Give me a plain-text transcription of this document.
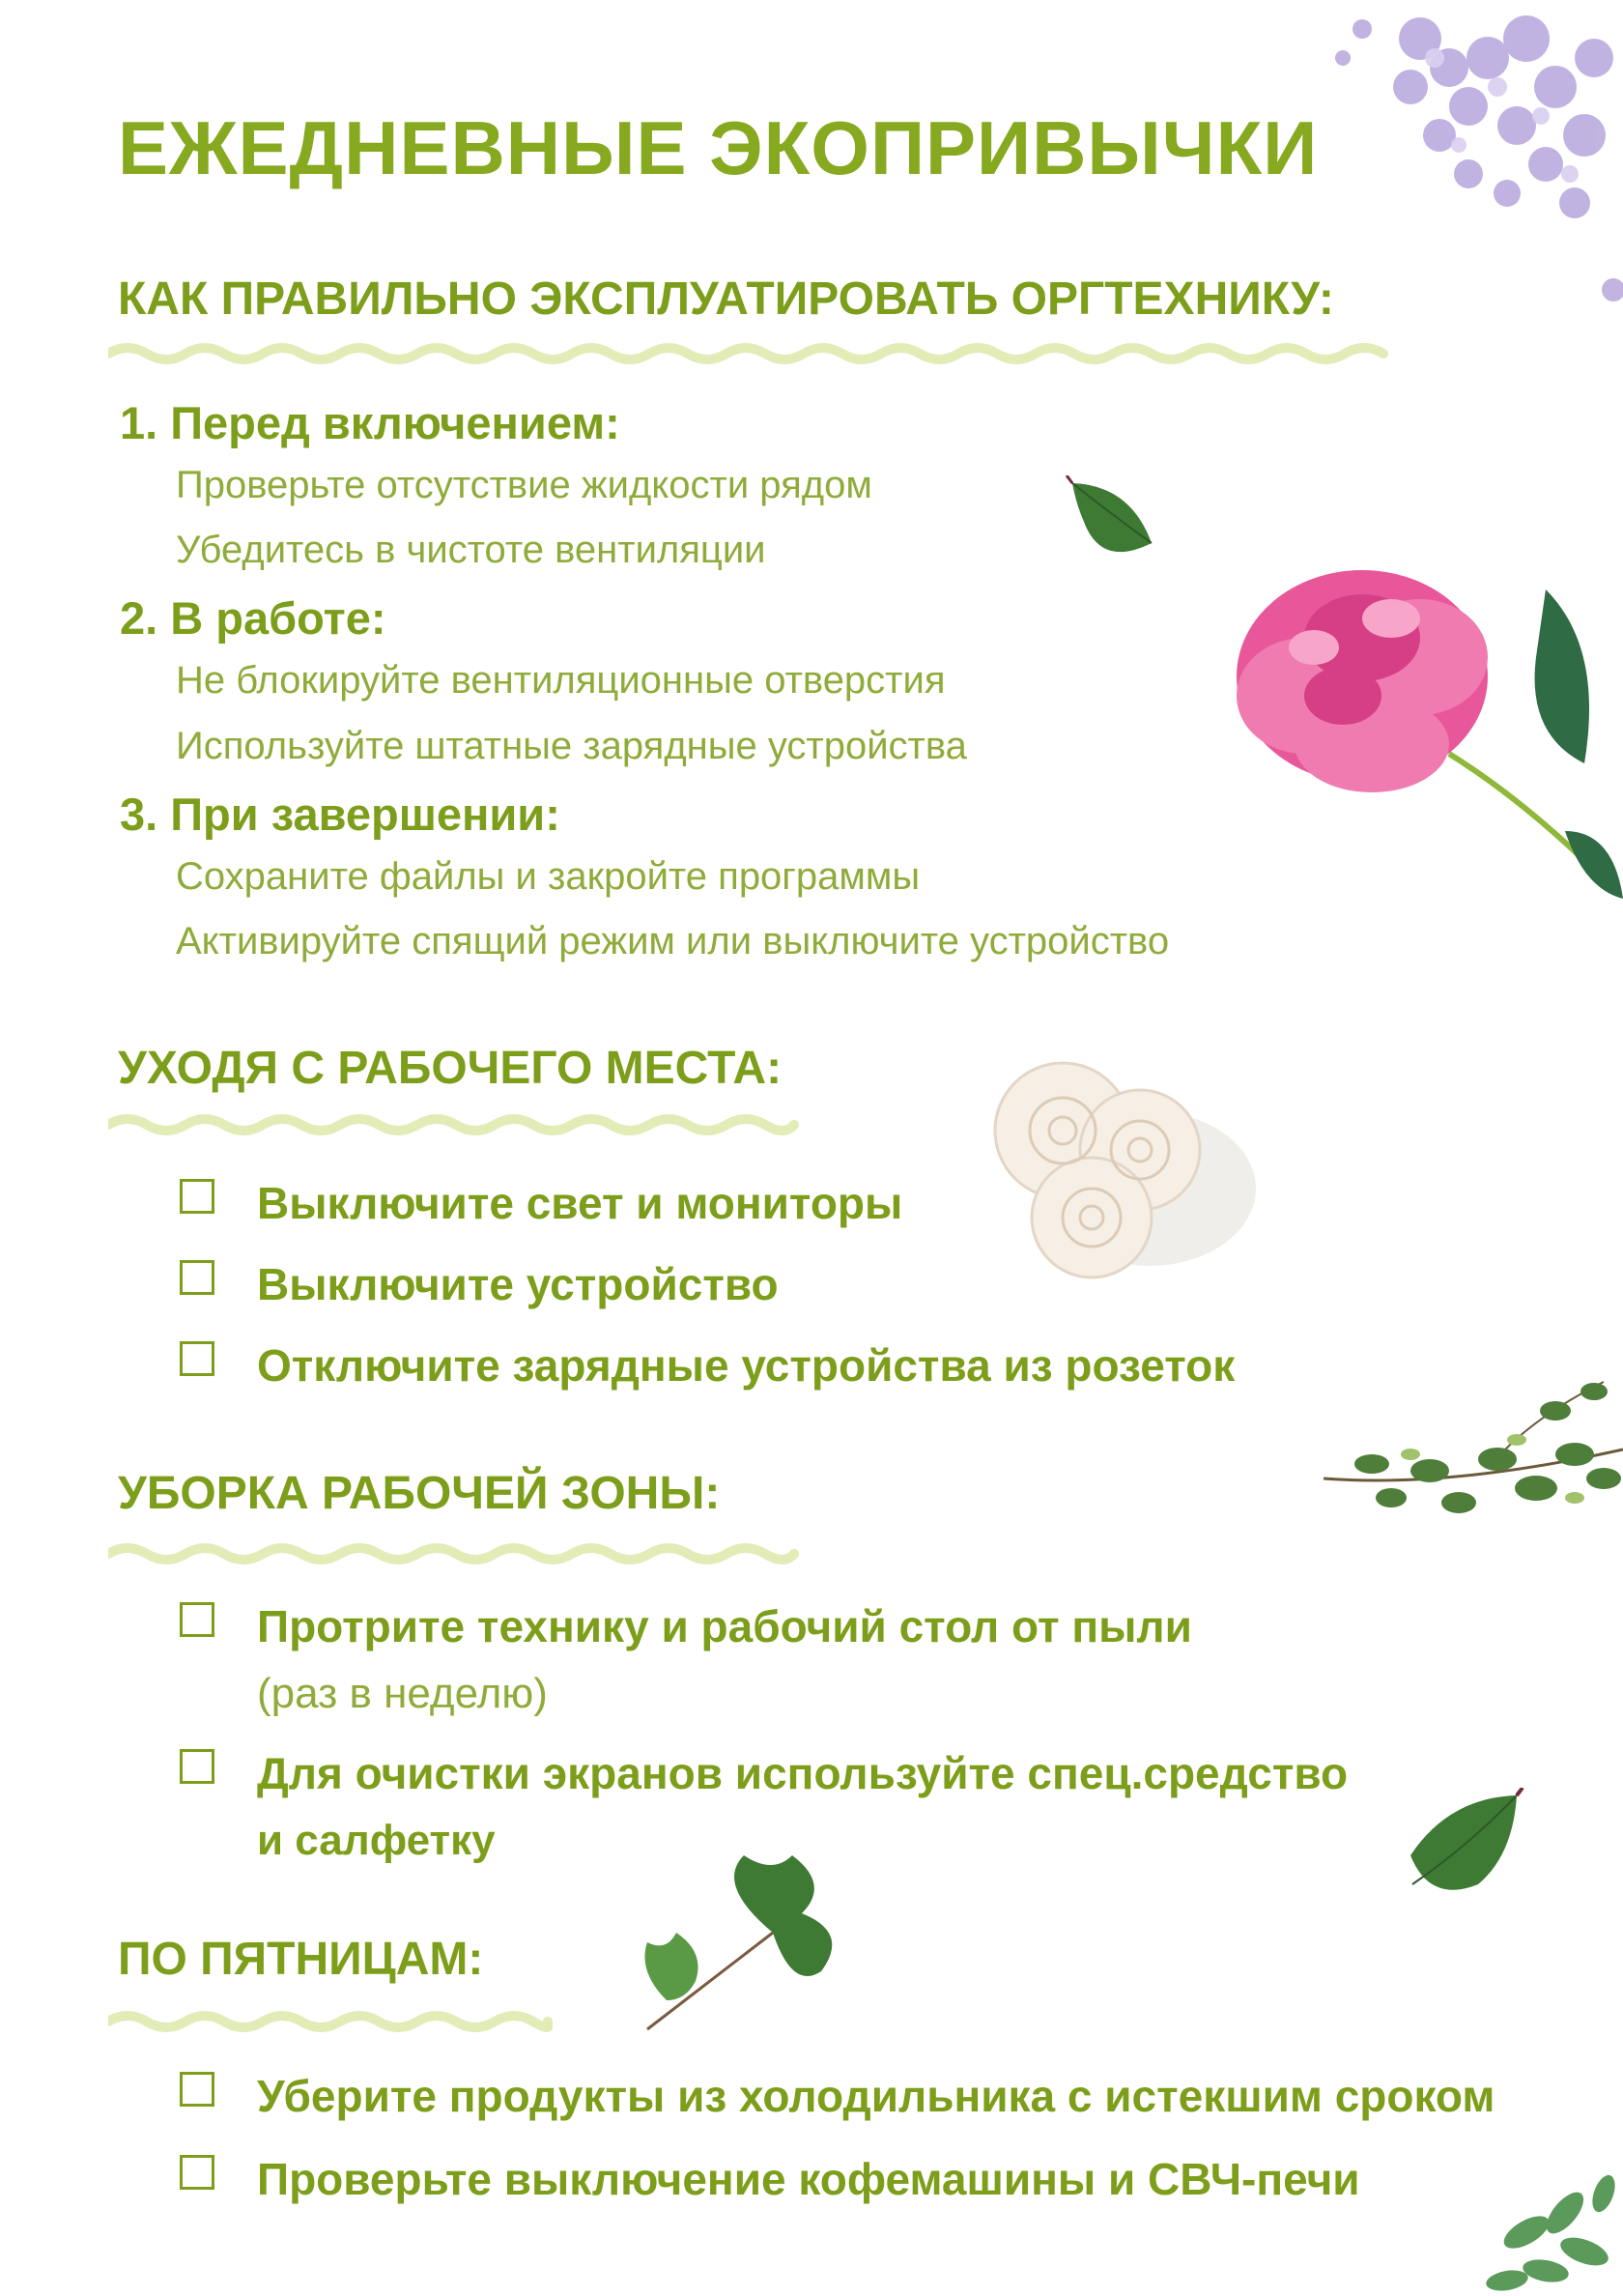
ЕЖЕДНЕВНЫЕ ЭКОПРИВЫЧКИ
КАК ПРАВИЛЬНО ЭКСПЛУАТИРОВАТЬ ОРГТЕХНИКУ:

1. Перед включением:

Проверьте отсутствие жидкости рядом

Убедитесь в чистоте вентиляции

2. В работе:

Не блокируйте вентиляционные отверстия

Используйте штатные зарядные устройства

3. При завершении:

Сохраните файлы и закройте программы

Активируйте спящий режим или выключите устройство

УХОДЯ С РАБОЧЕГО МЕСТА:
Выключите свет и мониторы
Выключите устройство
Отключите зарядные устройства из розеток
УБОРКА РАБОЧЕЙ ЗОНЫ:
Протрите технику и рабочий стол от пыли
(раз в неделю)
Для очистки экранов используйте спец.средство
и салфетку
ПО ПЯТНИЦАМ:
Уберите продукты из холодильника с истекшим сроком
Проверьте выключение кофемашины и СВЧ-печи
